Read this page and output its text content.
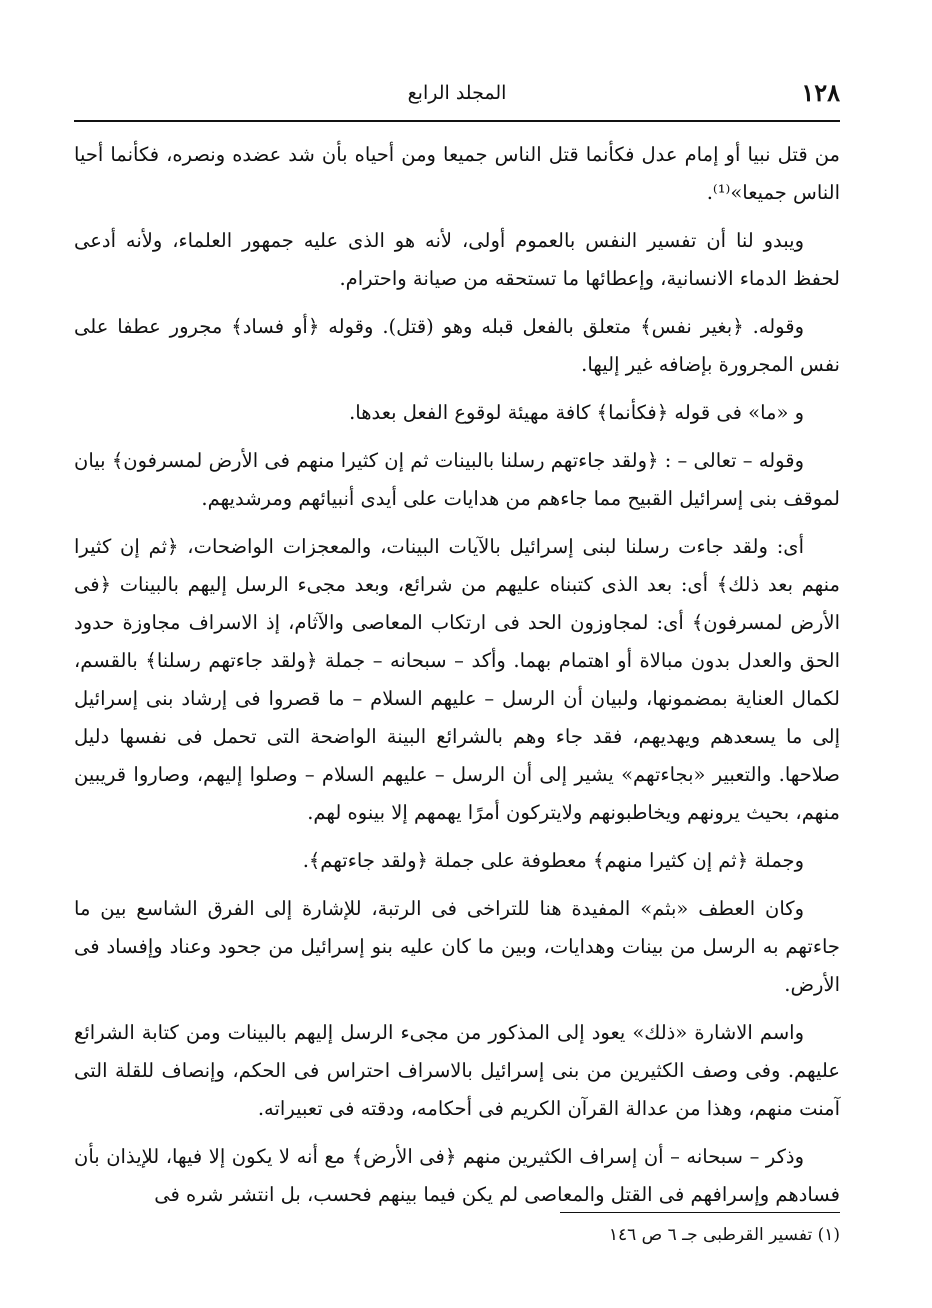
١٢٨
المجلد الرابع

من قتل نبيا أو إمام عدل فكأنما قتل الناس جميعا ومن أحياه بأن شد عضده ونصره، فكأنما أحيا الناس جميعا»⁽¹⁾.

ويبدو لنا أن تفسير النفس بالعموم أولى، لأنه هو الذى عليه جمهور العلماء، ولأنه أدعى لحفظ الدماء الانسانية، وإعطائها ما تستحقه من صيانة واحترام.

وقوله. ﴿بغير نفس﴾ متعلق بالفعل قبله وهو (قتل). وقوله ﴿أو فساد﴾ مجرور عطفا على نفس المجرورة بإضافه غير إليها.

و «ما» فى قوله ﴿فكأنما﴾ كافة مهيئة لوقوع الفعل بعدها.

وقوله – تعالى – : ﴿ولقد جاءتهم رسلنا بالبينات ثم إن كثيرا منهم فى الأرض لمسرفون﴾ بيان لموقف بنى إسرائيل القبيح مما جاءهم من هدايات على أيدى أنبيائهم ومرشديهم.

أى: ولقد جاءت رسلنا لبنى إسرائيل بالآيات البينات، والمعجزات الواضحات، ﴿ثم إن كثيرا منهم بعد ذلك﴾ أى: بعد الذى كتبناه عليهم من شرائع، وبعد مجىء الرسل إليهم بالبينات ﴿فى الأرض لمسرفون﴾ أى: لمجاوزون الحد فى ارتكاب المعاصى والآثام، إذ الاسراف مجاوزة حدود الحق والعدل بدون مبالاة أو اهتمام بهما. وأكد – سبحانه – جملة ﴿ولقد جاءتهم رسلنا﴾ بالقسم، لكمال العناية بمضمونها، ولبيان أن الرسل – عليهم السلام – ما قصروا فى إرشاد بنى إسرائيل إلى ما يسعدهم ويهديهم، فقد جاء وهم بالشرائع البينة الواضحة التى تحمل فى نفسها دليل صلاحها. والتعبير «بجاءتهم» يشير إلى أن الرسل – عليهم السلام – وصلوا إليهم، وصاروا قريبين منهم، بحيث يرونهم ويخاطبونهم ولايتركون أمرًا يهمهم إلا بينوه لهم.

وجملة ﴿ثم إن كثيرا منهم﴾ معطوفة على جملة ﴿ولقد جاءتهم﴾.

وكان العطف «بثم» المفيدة هنا للتراخى فى الرتبة، للإشارة إلى الفرق الشاسع بين ما جاءتهم به الرسل من بينات وهدايات، وبين ما كان عليه بنو إسرائيل من جحود وعناد وإفساد فى الأرض.

واسم الاشارة «ذلك» يعود إلى المذكور من مجىء الرسل إليهم بالبينات ومن كتابة الشرائع عليهم. وفى وصف الكثيرين من بنى إسرائيل بالاسراف احتراس فى الحكم، وإنصاف للقلة التى آمنت منهم، وهذا من عدالة القرآن الكريم فى أحكامه، ودقته فى تعبيراته.

وذكر – سبحانه – أن إسراف الكثيرين منهم ﴿فى الأرض﴾ مع أنه لا يكون إلا فيها، للإيذان بأن فسادهم وإسرافهم فى القتل والمعاصى لم يكن فيما بينهم فحسب، بل انتشر شره فى

(١) تفسير القرطبى جـ ٦ ص ١٤٦
